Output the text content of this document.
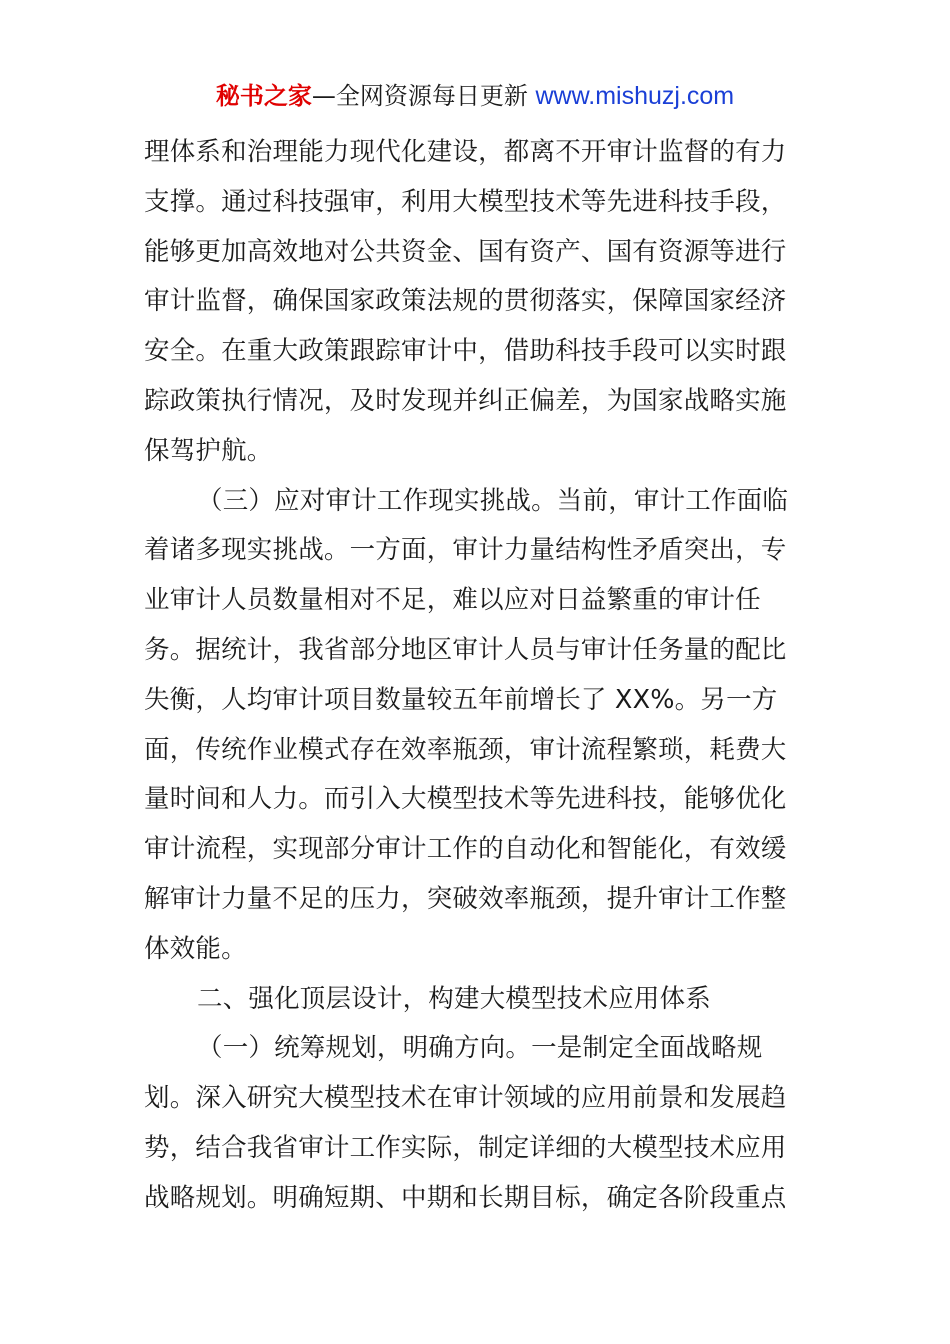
秘书之家—全网资源每日更新 www.mishuzj.com
理体系和治理能力现代化建设，都离不开审计监督的有力
支撑。通过科技强审，利用大模型技术等先进科技手段，
能够更加高效地对公共资金、国有资产、国有资源等进行
审计监督，确保国家政策法规的贯彻落实，保障国家经济
安全。在重大政策跟踪审计中，借助科技手段可以实时跟
踪政策执行情况，及时发现并纠正偏差，为国家战略实施
保驾护航。
（三）应对审计工作现实挑战。当前，审计工作面临
着诸多现实挑战。一方面，审计力量结构性矛盾突出，专
业审计人员数量相对不足，难以应对日益繁重的审计任
务。据统计，我省部分地区审计人员与审计任务量的配比
失衡，人均审计项目数量较五年前增长了 XX%。另一方
面，传统作业模式存在效率瓶颈，审计流程繁琐，耗费大
量时间和人力。而引入大模型技术等先进科技，能够优化
审计流程，实现部分审计工作的自动化和智能化，有效缓
解审计力量不足的压力，突破效率瓶颈，提升审计工作整
体效能。
二、强化顶层设计，构建大模型技术应用体系
（一）统筹规划，明确方向。一是制定全面战略规
划。深入研究大模型技术在审计领域的应用前景和发展趋
势，结合我省审计工作实际，制定详细的大模型技术应用
战略规划。明确短期、中期和长期目标，确定各阶段重点
